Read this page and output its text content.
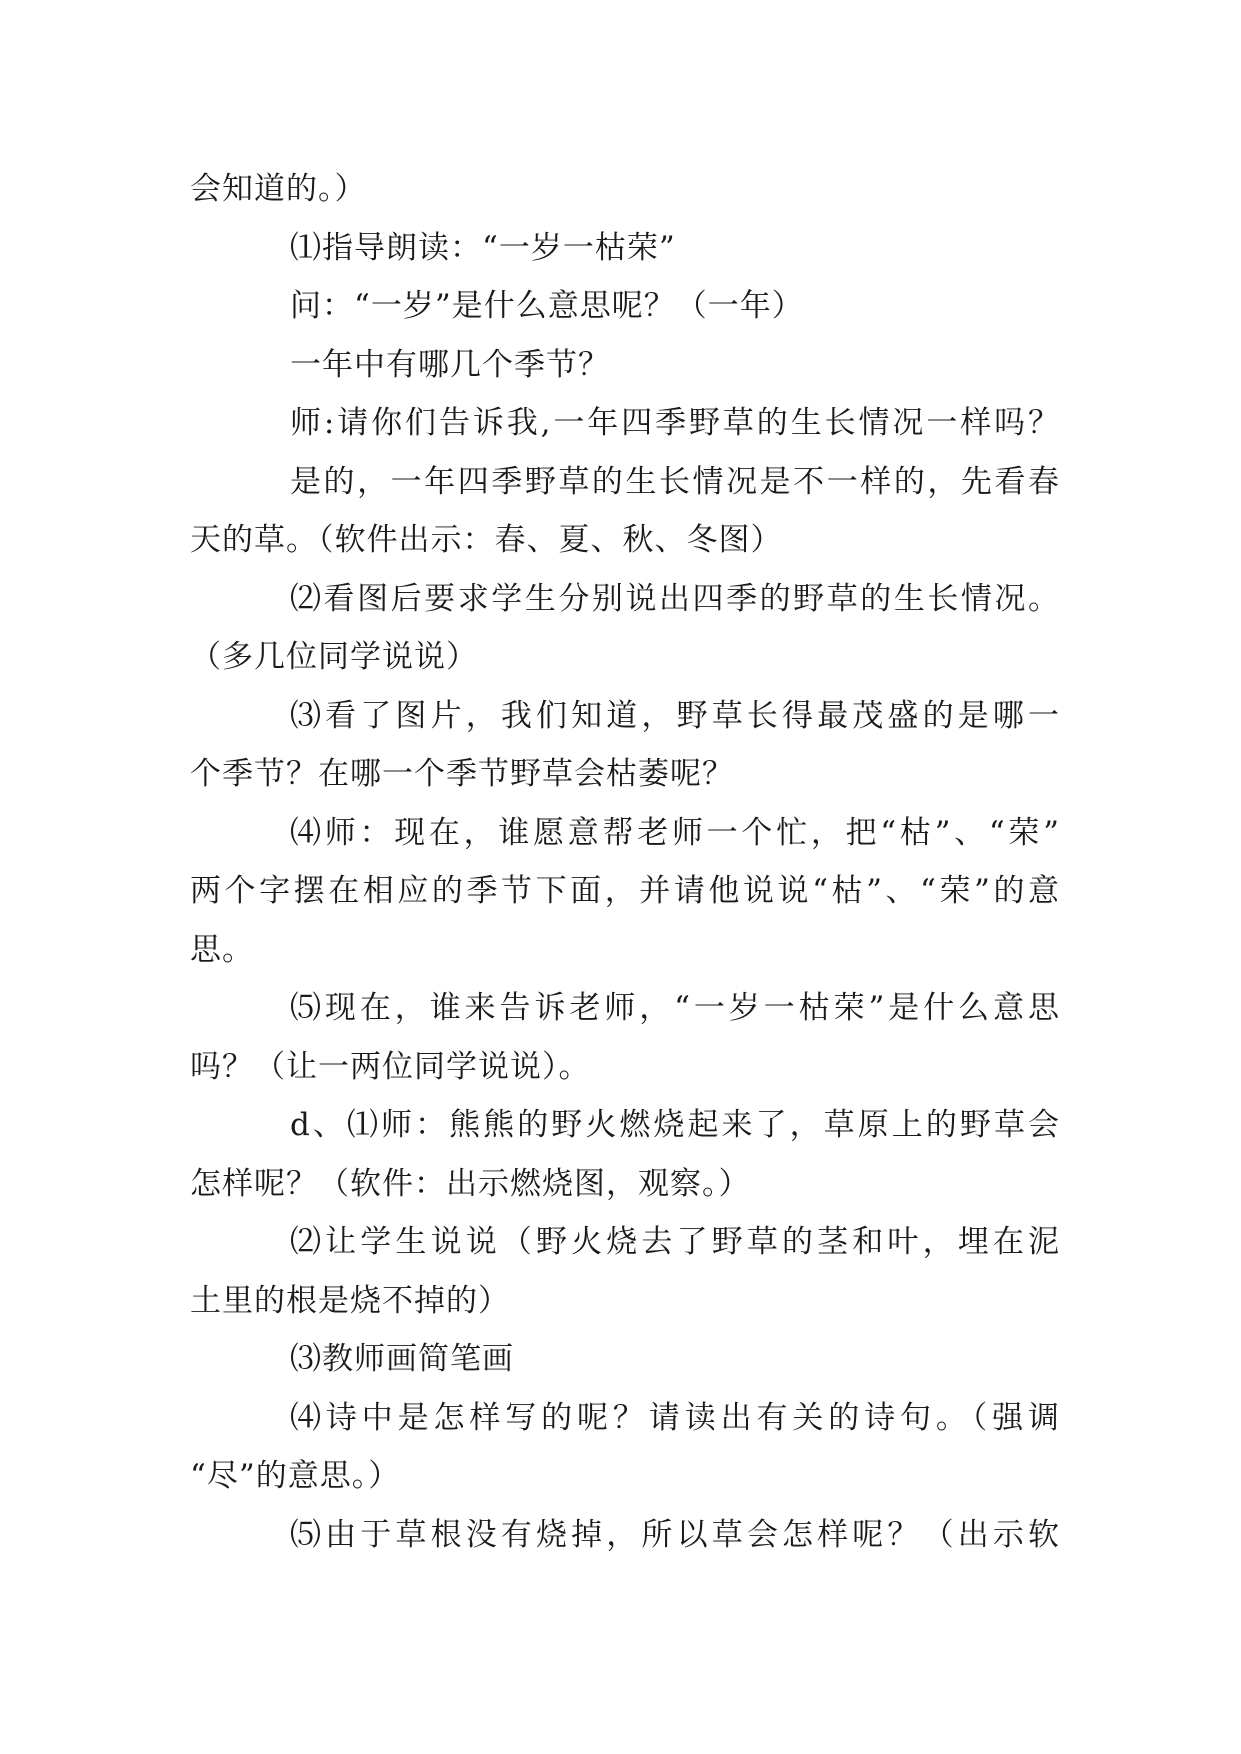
会知道的。）
⑴指导朗读：“一岁一枯荣”
问：“一岁”是什么意思呢？（一年）
一年中有哪几个季节？
师:请你们告诉我,一年四季野草的生长情况一样吗？
是的，一年四季野草的生长情况是不一样的，先看春
天的草。（软件出示：春、夏、秋、冬图）
⑵看图后要求学生分别说出四季的野草的生长情况。
（多几位同学说说）
⑶看了图片，我们知道，野草长得最茂盛的是哪一
个季节？在哪一个季节野草会枯萎呢？
⑷师：现在，谁愿意帮老师一个忙，把“枯”、“荣”
两个字摆在相应的季节下面，并请他说说“枯”、“荣”的意
思。
⑸现在，谁来告诉老师，“一岁一枯荣”是什么意思
吗？（让一两位同学说说）。
d、⑴师：熊熊的野火燃烧起来了，草原上的野草会
怎样呢？（软件：出示燃烧图，观察。）
⑵让学生说说（野火烧去了野草的茎和叶，埋在泥
土里的根是烧不掉的）
⑶教师画简笔画
⑷诗中是怎样写的呢？请读出有关的诗句。（强调
“尽”的意思。）
⑸由于草根没有烧掉，所以草会怎样呢？（出示软
